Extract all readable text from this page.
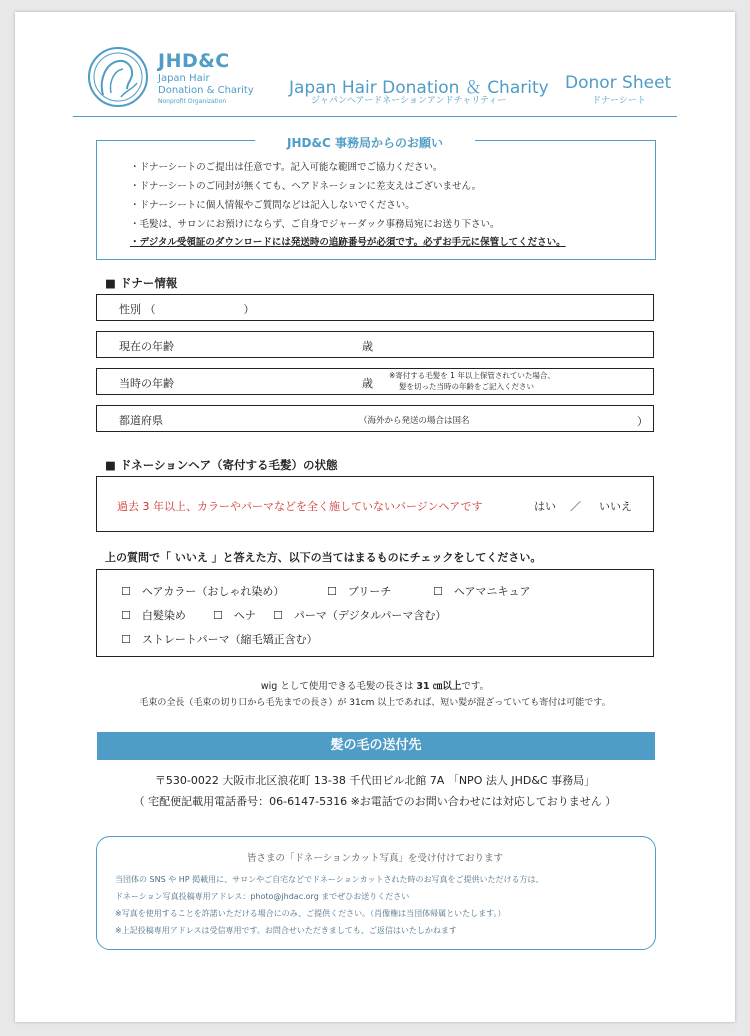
JHD&C
Japan Hair
Donation & Charity
Nonprofit Organization
Japan Hair Donation ＆ Charity
ジャパンヘアードネーションアンドチャリティー
Donor Sheet
ドナーシート
JHD&C 事務局からのお願い
・ドナーシートのご提出は任意です。記入可能な範囲でご協力ください。
・ドナーシートのご同封が無くても、ヘアドネーションに差支えはございません。
・ドナーシートに個人情報やご質問などは記入しないでください。
・毛髪は、サロンにお預けにならず、ご自身でジャーダック事務局宛にお送り下さい。
・デジタル受領証のダウンロードには発送時の追跡番号が必須です。必ずお手元に保管してください。
■ ドナー情報
性別 （　　　　　　　　）
現在の年齢	歳
当時の年齢	歳
※寄付する毛髪を 1 年以上保管されていた場合、
髪を切った当時の年齢をご記入ください
都道府県	（海外から発送の場合は国名	）
■ ドネーションヘア（寄付する毛髪）の状態
過去 3 年以上、カラーやパーマなどを全く施していないバージンヘアです	はい ／ いいえ
上の質問で「 いいえ 」と答えた方、以下の当てはまるものにチェックをしてください。
☐　ヘアカラー（おしゃれ染め）	☐　ブリーチ	☐　ヘアマニキュア
☐　白髪染め ☐　ヘナ ☐　パーマ（デジタルパーマ含む）
☐　ストレートパーマ（縮毛矯正含む）
wig として使用できる毛髪の長さは 31 ㎝以上です。
毛束の全長（毛束の切り口から毛先までの長さ）が 31cm 以上であれば、短い髪が混ざっていても寄付は可能です。
髪の毛の送付先
〒530-0022 大阪市北区浪花町 13-38 千代田ビル北館 7A 「NPO 法人 JHD&C 事務局」
（ 宅配便記載用電話番号：06-6147-5316 ※お電話でのお問い合わせには対応しておりません ）
皆さまの「ドネーションカット写真」を受け付けております
当団体の SNS や HP 掲載用に、サロンやご自宅などでドネーションカットされた時のお写真をご提供いただける方は、
ドネーション写真投稿専用アドレス：photo@jhdac.org までぜひお送りください
※写真を使用することを許諾いただける場合にのみ、ご提供ください。（肖像権は当団体帰属といたします。）
※上記投稿専用アドレスは受信専用です。お問合せいただきましても、ご返信はいたしかねます
